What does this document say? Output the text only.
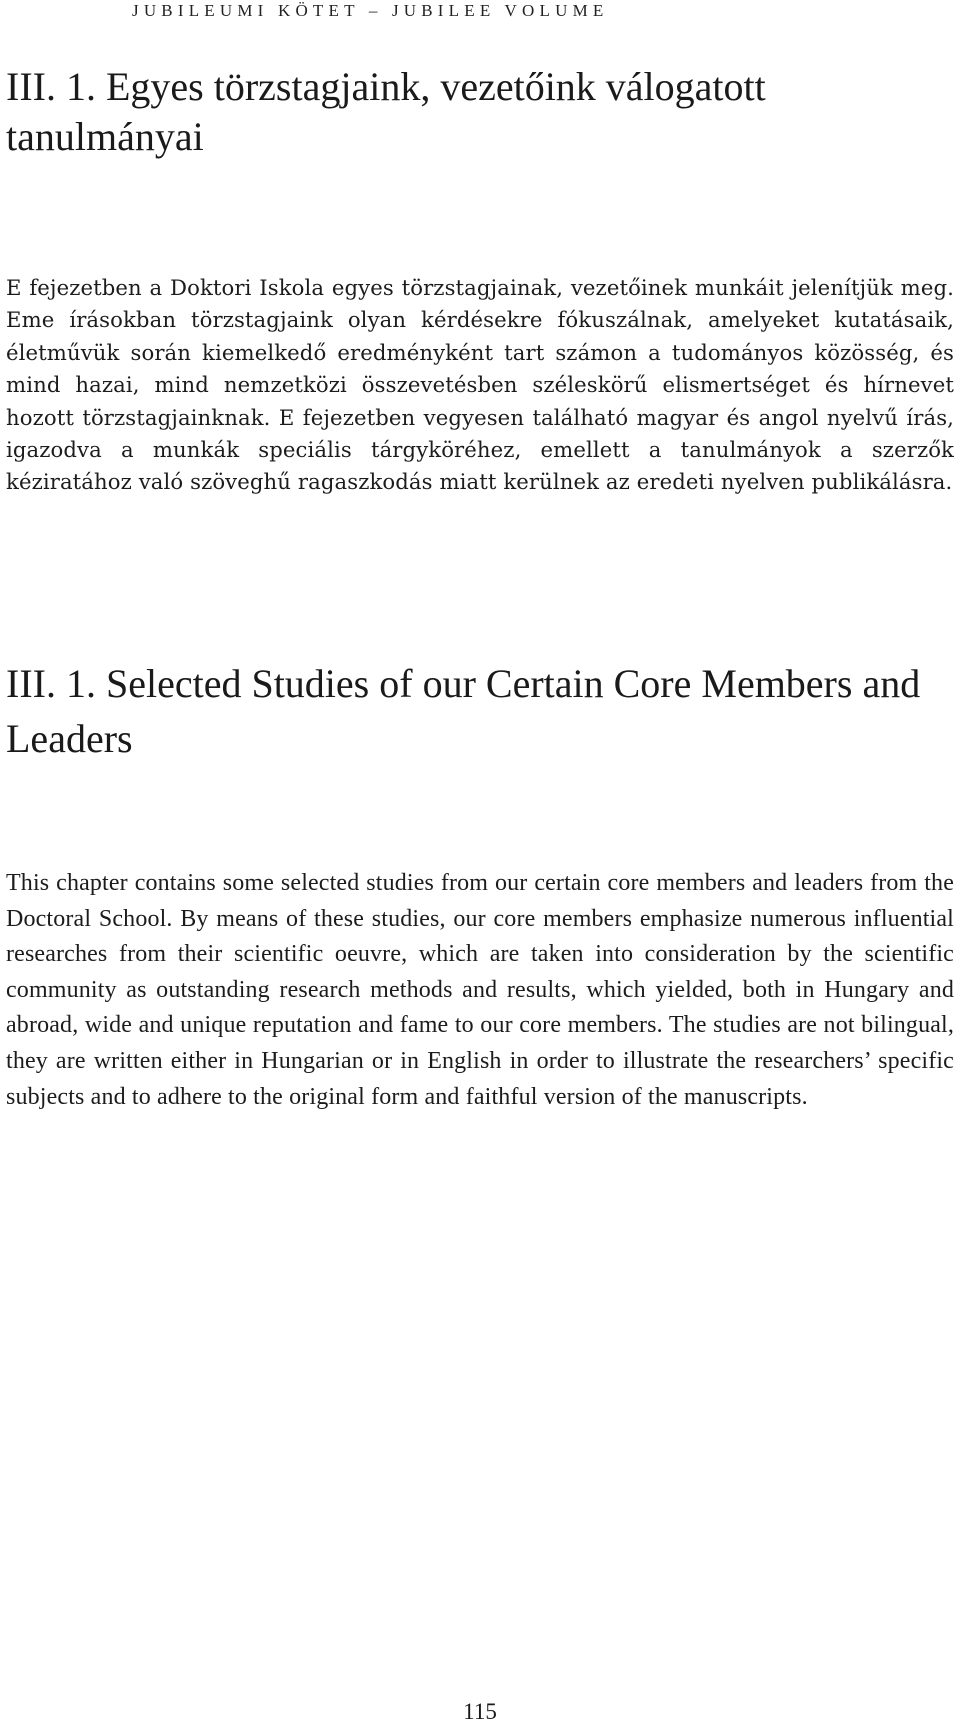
JUBILEUMI KÖTET – JUBILEE VOLUME
III. 1. Egyes törzstagjaink, vezetőink válogatott tanulmányai

E fejezetben a Doktori Iskola egyes törzstagjainak, vezetőinek munkáit jelenítjük meg. Eme írásokban törzstagjaink olyan kérdésekre fókuszálnak, amelyeket kutatásaik, életművük során kiemelkedő eredményként tart számon a tudományos közösség, és mind hazai, mind nemzetközi összevetésben széleskörű elismertséget és hírnevet hozott törzstagjainknak. E fejezetben vegyesen található magyar és angol nyelvű írás, igazodva a munkák speciális tárgyköréhez, emellett a tanulmányok a szerzők kéziratához való szöveghű ragaszkodás miatt kerülnek az eredeti nyelven publikálásra.

III. 1. Selected Studies of our Certain Core Members and Leaders

This chapter contains some selected studies from our certain core members and leaders from the Doctoral School. By means of these studies, our core members emphasize numerous influential researches from their scientific oeuvre, which are taken into consideration by the scientific community as outstanding research methods and results, which yielded, both in Hungary and abroad, wide and unique reputation and fame to our core members. The studies are not bilingual, they are written either in Hungarian or in English in order to illustrate the researchers’ specific subjects and to adhere to the original form and faithful version of the manuscripts.

115
